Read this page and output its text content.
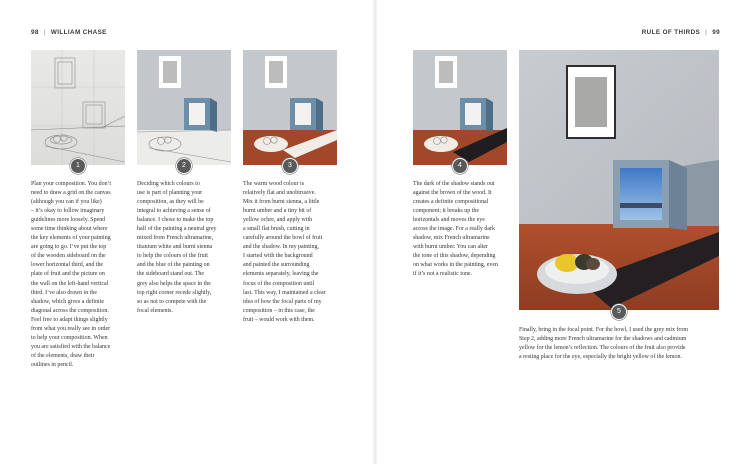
98 | WILLIAM CHASE	RULE OF THIRDS | 99
1	2	3	4
5

Plan your composition. You don’t

need to draw a grid on the canvas

(although you can if you like)

– it’s okay to follow imaginary

guidelines more loosely. Spend

some time thinking about where

the key elements of your painting

are going to go. I’ve put the top

of the wooden sideboard on the

lower horizontal third, and the

plate of fruit and the picture on

the wall on the left-hand vertical

third. I’ve also drawn in the

shadow, which gives a definite

diagonal across the composition.

Feel free to adapt things slightly

from what you really see in order

to help your composition. When

you are satisfied with the balance

of the elements, draw their

outlines in pencil.

Deciding which colours to

use is part of planning your

composition, as they will be

integral to achieving a sense of

balance. I chose to make the top

half of the painting a neutral grey

mixed from French ultramarine,

titanium white and burnt sienna

to help the colours of the fruit

and the blue of the painting on

the sideboard stand out. The

grey also helps the space in the

top right corner recede slightly,

so as not to compete with the

focal elements.

The warm wood colour is

relatively flat and unobtrusive.

Mix it from burnt sienna, a little

burnt umber and a tiny bit of

yellow ochre, and apply with

a small flat brush, cutting in

carefully around the bowl of fruit

and the shadow. In my painting,

I started with the background

and painted the surrounding

elements separately, leaving the

focus of the composition until

last. This way, I maintained a clear

idea of how the focal parts of my

composition – in this case, the

fruit – would work with them.

The dark of the shadow stands out

against the brown of the wood. It

creates a definite compositional

component; it breaks up the

horizontals and moves the eye

across the image. For a really dark

shadow, mix French ultramarine

with burnt umber. You can alter

the tone of this shadow, depending

on what works in the painting, even

if it’s not a realistic tone.

Finally, bring in the focal point. For the bowl, I used the grey mix from

Step 2, adding more French ultramarine for the shadows and cadmium

yellow for the lemon’s reflection. The colours of the fruit also provide

a resting place for the eye, especially the bright yellow of the lemon.
